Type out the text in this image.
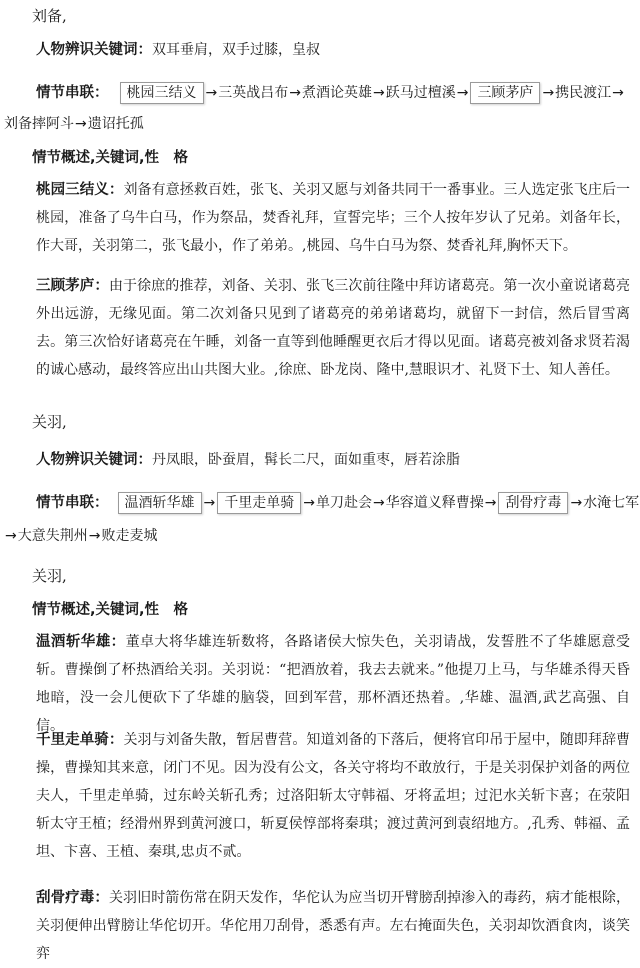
刘备,
人物辨识关键词：双耳垂肩，双手过膝，皇叔
情节串联：	桃园三结义 → 三英战吕布 → 煮酒论英雄 → 跃马过檀溪 → 三顾茅庐 → 携民渡江 →
刘备摔阿斗 → 遗诏托孤
情节概述,关键词,性　格
桃园三结义：刘备有意拯救百姓，张飞、关羽又愿与刘备共同干一番事业。三人选定张飞庄后一桃园，准备了乌牛白马，作为祭品，焚香礼拜，宣誓完毕；三个人按年岁认了兄弟。刘备年长，作大哥，关羽第二，张飞最小，作了弟弟。,桃园、乌牛白马为祭、焚香礼拜,胸怀天下。
三顾茅庐：由于徐庶的推荐，刘备、关羽、张飞三次前往隆中拜访诸葛亮。第一次小童说诸葛亮外出远游，无缘见面。第二次刘备只见到了诸葛亮的弟弟诸葛均，就留下一封信，然后冒雪离去。第三次恰好诸葛亮在午睡，刘备一直等到他睡醒更衣后才得以见面。诸葛亮被刘备求贤若渴的诚心感动，最终答应出山共图大业。,徐庶、卧龙岗、隆中,慧眼识才、礼贤下士、知人善任。
关羽,
人物辨识关键词：丹凤眼，卧蚕眉，髯长二尺，面如重枣，唇若涂脂
情节串联：	温酒斩华雄 → 千里走单骑 → 单刀赴会 → 华容道义释曹操 → 刮骨疗毒 → 水淹七军
→ 大意失荆州 → 败走麦城
关羽,
情节概述,关键词,性　格
温酒斩华雄：董卓大将华雄连斩数将，各路诸侯大惊失色，关羽请战，发誓胜不了华雄愿意受斩。曹操倒了杯热酒给关羽。关羽说：“把酒放着，我去去就来。”他提刀上马，与华雄杀得天昏地暗，没一会儿便砍下了华雄的脑袋，回到军营，那杯酒还热着。,华雄、温酒,武艺高强、自信。
千里走单骑：关羽与刘备失散，暂居曹营。知道刘备的下落后，便将官印吊于屋中，随即拜辞曹操，曹操知其来意，闭门不见。因为没有公文，各关守将均不敢放行，于是关羽保护刘备的两位夫人，千里走单骑，过东岭关斩孔秀；过洛阳斩太守韩福、牙将孟坦；过汜水关斩卞喜；在荥阳斩太守王植；经滑州界到黄河渡口，斩夏侯惇部将秦琪；渡过黄河到袁绍地方。,孔秀、韩福、孟坦、卞喜、王植、秦琪,忠贞不贰。
刮骨疗毒：关羽旧时箭伤常在阴天发作，华佗认为应当切开臂膀刮掉渗入的毒药，病才能根除，关羽便伸出臂膀让华佗切开。华佗用刀刮骨，悉悉有声。左右掩面失色，关羽却饮酒食肉，谈笑弈
